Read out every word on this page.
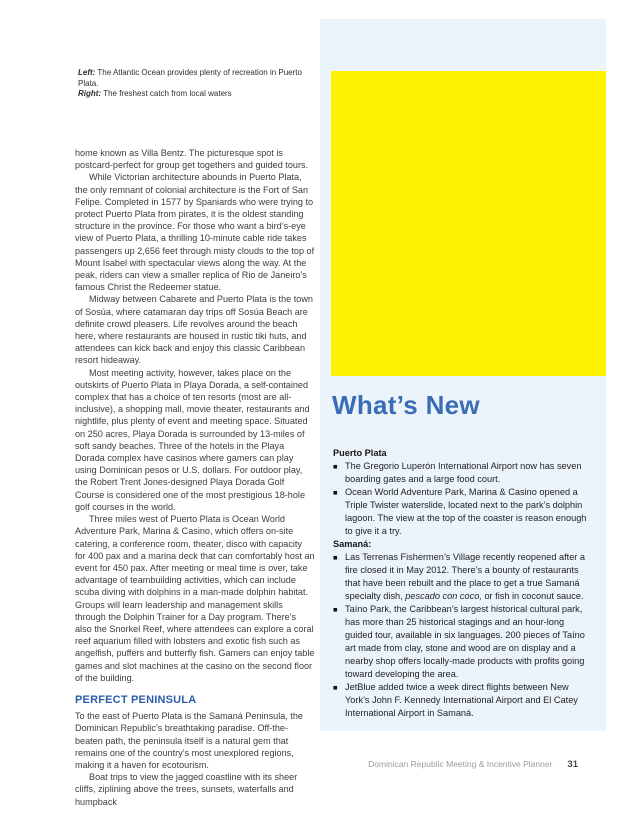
Left: The Atlantic Ocean provides plenty of recreation in Puerto Plata.
Right: The freshest catch from local waters

home known as Villa Bentz. The picturesque spot is postcard-perfect for group get togethers and guided tours.

While Victorian architecture abounds in Puerto Plata, the only remnant of colonial architecture is the Fort of San Felipe. Completed in 1577 by Spaniards who were trying to protect Puerto Plata from pirates, it is the oldest standing structure in the province. For those who want a bird’s-eye view of Puerto Plata, a thrilling 10-minute cable ride takes passengers up 2,656 feet through misty clouds to the top of Mount Isabel with spectacular views along the way. At the peak, riders can view a smaller replica of Rio de Janeiro’s famous Christ the Redeemer statue.

Midway between Cabarete and Puerto Plata is the town of Sosúa, where catamaran day trips off Sosúa Beach are definite crowd pleasers. Life revolves around the beach here, where restaurants are housed in rustic tiki huts, and attendees can kick back and enjoy this classic Caribbean resort hideaway.

Most meeting activity, however, takes place on the outskirts of Puerto Plata in Playa Dorada, a self-contained complex that has a choice of ten resorts (most are all-inclusive), a shopping mall, movie theater, restaurants and nightlife, plus plenty of event and meeting space. Situated on 250 acres, Playa Dorada is surrounded by 13-miles of soft sandy beaches. Three of the hotels in the Playa Dorada complex have casinos where gamers can play using Dominican pesos or U.S. dollars. For outdoor play, the Robert Trent Jones-designed Playa Dorada Golf Course is considered one of the most prestigious 18-hole golf courses in the world.

Three miles west of Puerto Plata is Ocean World Adventure Park, Marina & Casino, which offers on-site catering, a conference room, theater, disco with capacity for 400 pax and a marina deck that can comfortably host an event for 450 pax. After meeting or meal time is over, take advantage of teambuilding activities, which can include scuba diving with dolphins in a man-made dolphin habitat. Groups will learn leadership and management skills through the Dolphin Trainer for a Day program. There’s also the Snorkel Reef, where attendees can explore a coral reef aquarium filled with lobsters and exotic fish such as angelfish, puffers and butterfly fish. Gamers can enjoy table games and slot machines at the casino on the second floor of the building.

PERFECT PENINSULA

To the east of Puerto Plata is the Samaná Peninsula, the Dominican Republic’s breathtaking paradise. Off-the-beaten path, the peninsula itself is a natural gem that remains one of the country’s most unexplored regions, making it a haven for ecotourism.

Boat trips to view the jagged coastline with its sheer cliffs, ziplining above the trees, sunsets, waterfalls and humpback

What’s New
Puerto Plata
■ The Gregorio Luperón International Airport now has seven boarding gates and a large food court.
■ Ocean World Adventure Park, Marina & Casino opened a Triple Twister waterslide, located next to the park’s dolphin lagoon. The view at the top of the coaster is reason enough to give it a try.
Samaná:
■ Las Terrenas Fishermen’s Village recently reopened after a fire closed it in May 2012. There’s a bounty of restaurants that have been rebuilt and the place to get a true Samaná specialty dish, pescado con coco, or fish in coconut sauce.
■ Taíno Park, the Caribbean’s largest historical cultural park, has more than 25 historical stagings and an hour-long guided tour, available in six languages. 200 pieces of Taíno art made from clay, stone and wood are on display and a nearby shop offers locally-made products with profits going toward developing the area.
■ JetBlue added twice a week direct flights between New York’s John F. Kennedy International Airport and El Catey International Airport in Samaná.
Dominican Republic Meeting & Incentive Planner 31
